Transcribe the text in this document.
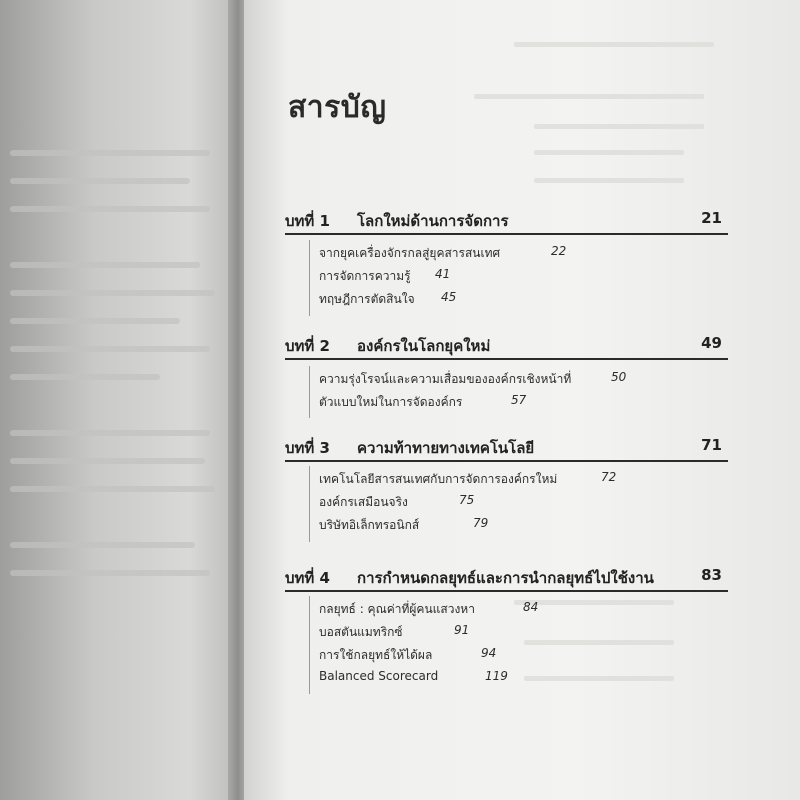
สารบัญ
บทที่ 1 โลกใหม่ด้านการจัดการ	21
จากยุคเครื่องจักรกลสู่ยุคสารสนเทศ	22
การจัดการความรู้ 41
ทฤษฎีการตัดสินใจ 45
บทที่ 2 องค์กรในโลกยุคใหม่	49
ความรุ่งโรจน์และความเสื่อมขององค์กรเชิงหน้าที่	50
ตัวแบบใหม่ในการจัดองค์กร	57
บทที่ 3 ความท้าทายทางเทคโนโลยี	71
เทคโนโลยีสารสนเทศกับการจัดการองค์กรใหม่	72
องค์กรเสมือนจริง	75
บริษัทอิเล็กทรอนิกส์	79
บทที่ 4 การกำหนดกลยุทธ์และการนำกลยุทธ์ไปใช้งาน	83
กลยุทธ์ : คุณค่าที่ผู้คนแสวงหา	84
บอสตันแมทริกซ์	91
การใช้กลยุทธ์ให้ได้ผล	94
Balanced Scorecard	119
